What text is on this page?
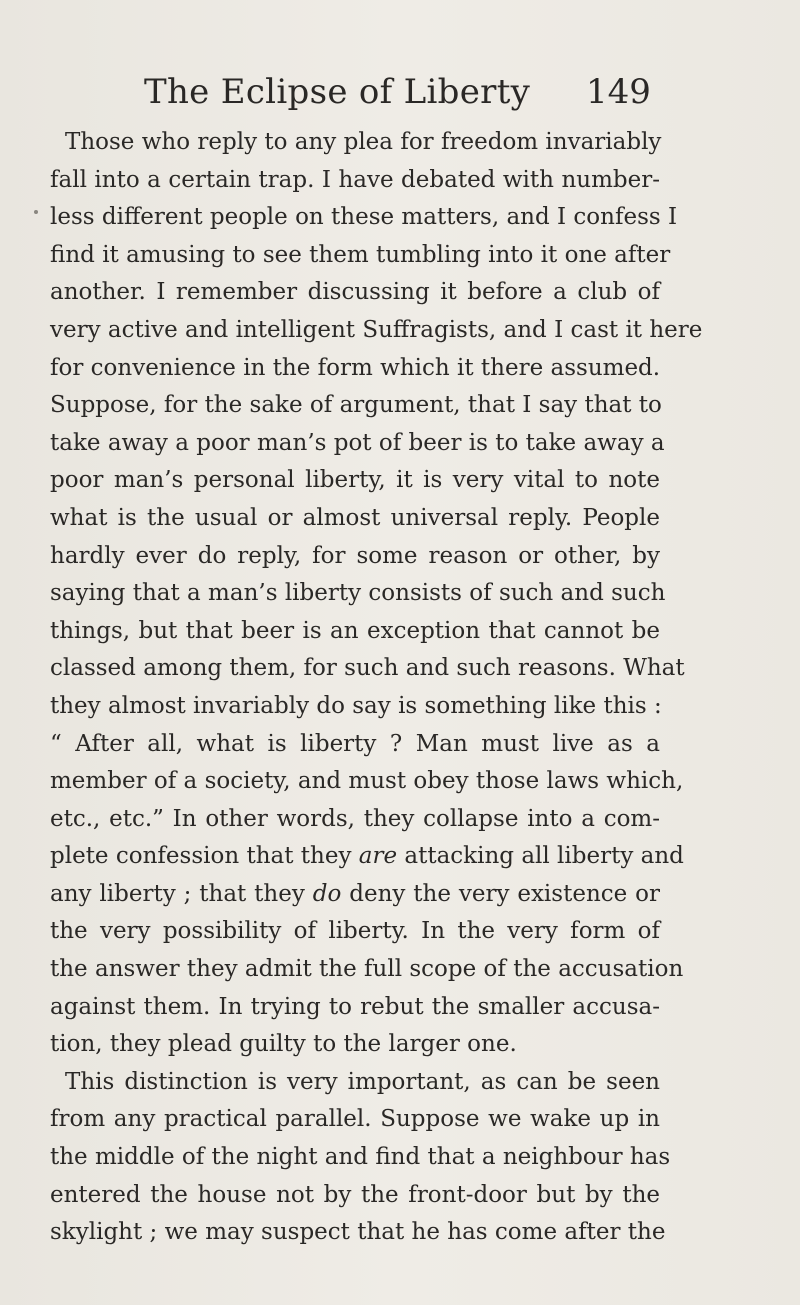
The Eclipse of Liberty 149
Those who reply to any plea for freedom invariably
fall into a certain trap. I have debated with number-
less different people on these matters, and I confess I
find it amusing to see them tumbling into it one after
another. I remember discussing it before a club of
very active and intelligent Suffragists, and I cast it here
for convenience in the form which it there assumed.
Suppose, for the sake of argument, that I say that to
take away a poor man’s pot of beer is to take away a
poor man’s personal liberty, it is very vital to note
what is the usual or almost universal reply. People
hardly ever do reply, for some reason or other, by
saying that a man’s liberty consists of such and such
things, but that beer is an exception that cannot be
classed among them, for such and such reasons. What
they almost invariably do say is something like this :
“ After all, what is liberty ? Man must live as a
member of a society, and must obey those laws which,
etc., etc.” In other words, they collapse into a com-
plete confession that they are attacking all liberty and
any liberty ; that they do deny the very existence or
the very possibility of liberty. In the very form of
the answer they admit the full scope of the accusation
against them. In trying to rebut the smaller accusa-
tion, they plead guilty to the larger one.
This distinction is very important, as can be seen
from any practical parallel. Suppose we wake up in
the middle of the night and find that a neighbour has
entered the house not by the front-door but by the
skylight ; we may suspect that he has come after the
